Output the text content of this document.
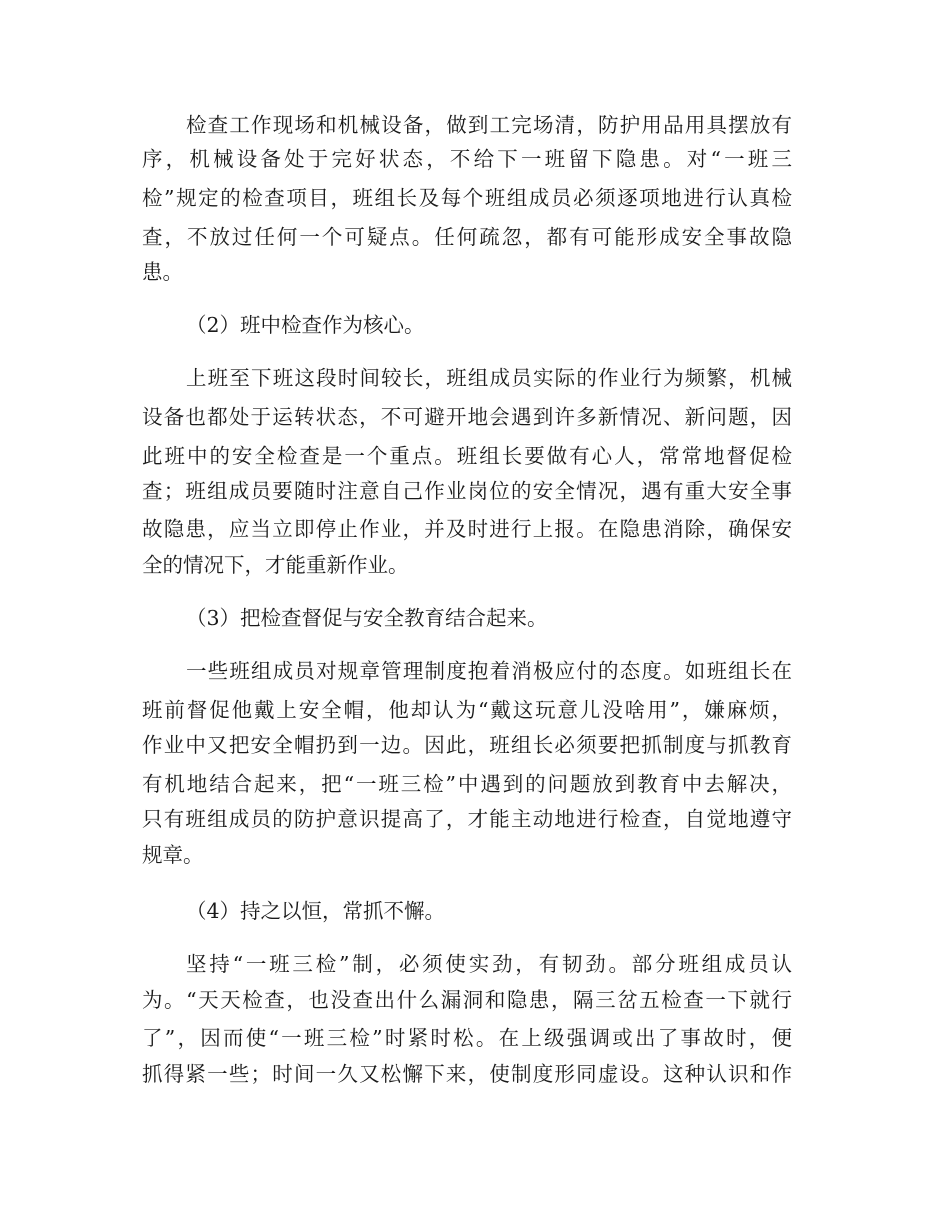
检查工作现场和机械设备，做到工完场清，防护用品用具摆放有
序，机械设备处于完好状态，不给下一班留下隐患。对“一班三
检”规定的检查项目，班组长及每个班组成员必须逐项地进行认真检
查，不放过任何一个可疑点。任何疏忽，都有可能形成安全事故隐
患。
（2）班中检查作为核心。
上班至下班这段时间较长，班组成员实际的作业行为频繁，机械
设备也都处于运转状态，不可避开地会遇到许多新情况、新问题，因
此班中的安全检查是一个重点。班组长要做有心人，常常地督促检
查；班组成员要随时注意自己作业岗位的安全情况，遇有重大安全事
故隐患，应当立即停止作业，并及时进行上报。在隐患消除，确保安
全的情况下，才能重新作业。
（3）把检查督促与安全教育结合起来。
一些班组成员对规章管理制度抱着消极应付的态度。如班组长在
班前督促他戴上安全帽，他却认为“戴这玩意儿没啥用”，嫌麻烦，
作业中又把安全帽扔到一边。因此，班组长必须要把抓制度与抓教育
有机地结合起来，把“一班三检”中遇到的问题放到教育中去解决，
只有班组成员的防护意识提高了，才能主动地进行检查，自觉地遵守
规章。
（4）持之以恒，常抓不懈。
坚持“一班三检”制，必须使实劲，有韧劲。部分班组成员认
为。“天天检查，也没查出什么漏洞和隐患，隔三岔五检查一下就行
了”，因而使“一班三检”时紧时松。在上级强调或出了事故时，便
抓得紧一些；时间一久又松懈下来，使制度形同虚设。这种认识和作
